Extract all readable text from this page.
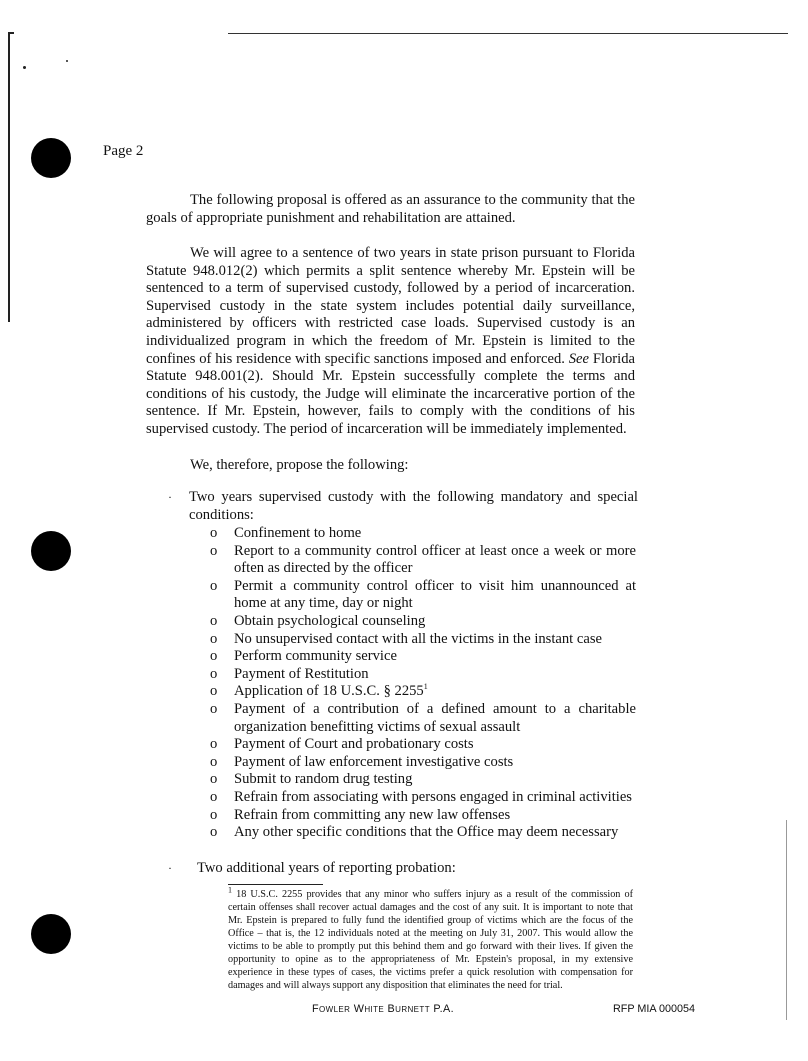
Page 2

The following proposal is offered as an assurance to the community that the goals of appropriate punishment and rehabilitation are attained.

We will agree to a sentence of two years in state prison pursuant to Florida Statute 948.012(2) which permits a split sentence whereby Mr. Epstein will be sentenced to a term of supervised custody, followed by a period of incarceration. Supervised custody in the state system includes potential daily surveillance, administered by officers with restricted case loads. Supervised custody is an individualized program in which the freedom of Mr. Epstein is limited to the confines of his residence with specific sanctions imposed and enforced. See Florida Statute 948.001(2). Should Mr. Epstein successfully complete the terms and conditions of his custody, the Judge will eliminate the incarcerative portion of the sentence. If Mr. Epstein, however, fails to comply with the conditions of his supervised custody. The period of incarceration will be immediately implemented.

We, therefore, propose the following:

·	Two years supervised custody with the following mandatory and special conditions:
o	Confinement to home
o	Report to a community control officer at least once a week or more often as directed by the officer
o	Permit a community control officer to visit him unannounced at home at any time, day or night
o	Obtain psychological counseling
o	No unsupervised contact with all the victims in the instant case
o	Perform community service
o	Payment of Restitution
o	Application of 18 U.S.C. § 2255$^1$
o	Payment of a contribution of a defined amount to a charitable organization benefitting victims of sexual assault
o	Payment of Court and probationary costs
o	Payment of law enforcement investigative costs
o	Submit to random drug testing
o	Refrain from associating with persons engaged in criminal activities
o	Refrain from committing any new law offenses
o	Any other specific conditions that the Office may deem necessary
·	Two additional years of reporting probation:

$^1$ 18 U.S.C. 2255 provides that any minor who suffers injury as a result of the commission of certain offenses shall recover actual damages and the cost of any suit. It is important to note that Mr. Epstein is prepared to fully fund the identified group of victims which are the focus of the Office – that is, the 12 individuals noted at the meeting on July 31, 2007. This would allow the victims to be able to promptly put this behind them and go forward with their lives. If given the opportunity to opine as to the appropriateness of Mr. Epstein's proposal, in my extensive experience in these types of cases, the victims prefer a quick resolution with compensation for damages and will always support any disposition that eliminates the need for trial.

Fowler White Burnett P.A.	RFP MIA 000054
